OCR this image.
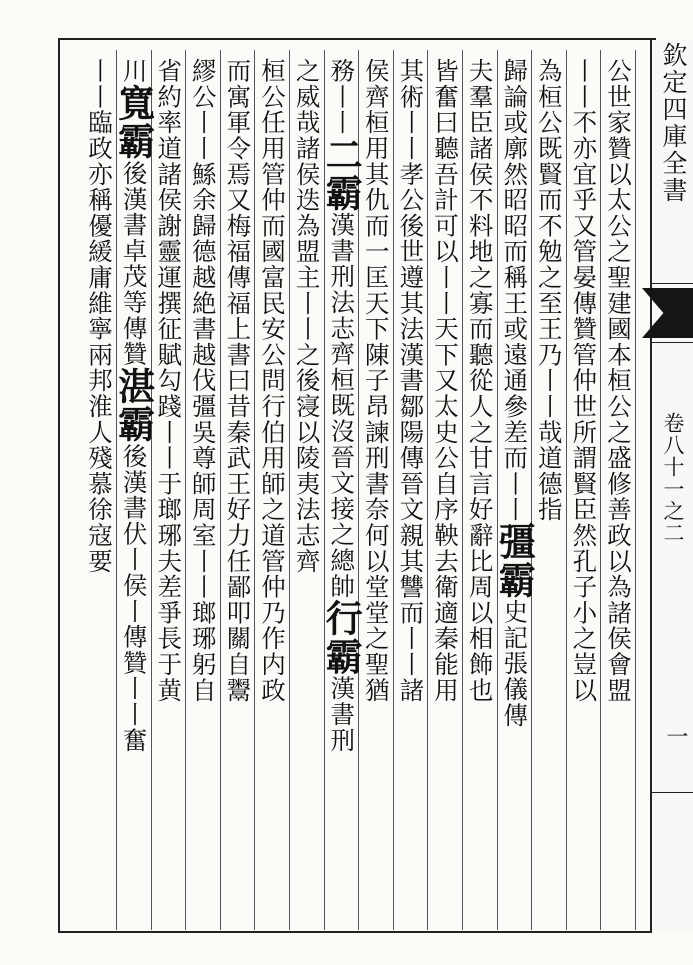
欽定四庫全書
卷八十一之二
一
公世家贊以太公之聖建國本桓公之盛修善政以為諸侯會盟
丨丨不亦宜乎又管晏傳贊管仲世所謂賢臣然孔子小之豈以
為桓公既賢而不勉之至王乃丨丨哉道德指
歸論或廓然昭昭而稱王或遠通參差而丨丨彊霸史記張儀傳
夫羣臣諸侯不料地之寡而聽從人之甘言好辭比周以相飾也
皆奮曰聽吾計可以丨丨天下又太史公自序鞅去衛適秦能用
其術丨丨孝公後世遵其法漢書鄒陽傳晉文親其讐而丨丨諸
侯齊桓用其仇而一匡天下陳子昂諫刑書奈何以堂堂之聖猶
務丨丨二霸漢書刑法志齊桓既沒晉文接之總帥行霸漢書刑
之威哉諸侯迭為盟主丨丨之後寖以陵夷法志齊
桓公任用管仲而國富民安公問行伯用師之道管仲乃作内政
而寓軍令焉又梅福傳福上書曰昔秦武王好力任鄙叩關自鬻
繆公丨丨鯀余歸德越絶書越伐彊吳尊師周室丨丨瑯琊躬自
省約率道諸侯謝靈運撰征賦勾踐丨丨于瑯琊夫差爭長于黄
川寬霸後漢書卓茂等傳贊湛霸後漢書伏丨侯丨傳贊丨丨奮
丨丨臨政亦稱優緩庸維寧兩邦淮人殘慕徐寇要
